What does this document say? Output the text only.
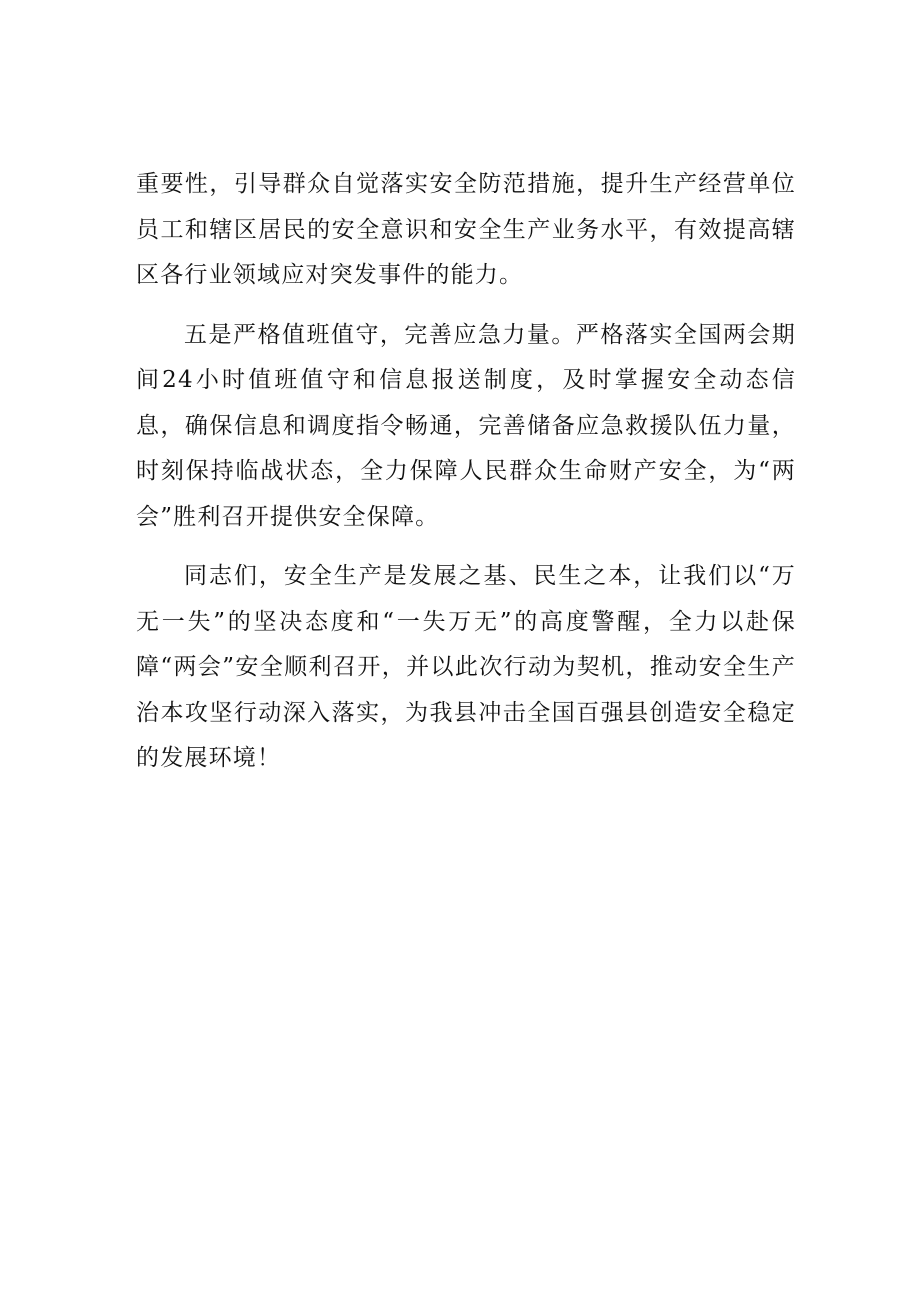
重要性，引导群众自觉落实安全防范措施，提升生产经营单位员工和辖区居民的安全意识和安全生产业务水平，有效提高辖区各行业领域应对突发事件的能力。

五是严格值班值守，完善应急力量。严格落实全国两会期间24小时值班值守和信息报送制度，及时掌握安全动态信息，确保信息和调度指令畅通，完善储备应急救援队伍力量，时刻保持临战状态，全力保障人民群众生命财产安全，为“两会”胜利召开提供安全保障。

同志们，安全生产是发展之基、民生之本，让我们以“万无一失”的坚决态度和“一失万无”的高度警醒，全力以赴保障“两会”安全顺利召开，并以此次行动为契机，推动安全生产治本攻坚行动深入落实，为我县冲击全国百强县创造安全稳定的发展环境！
